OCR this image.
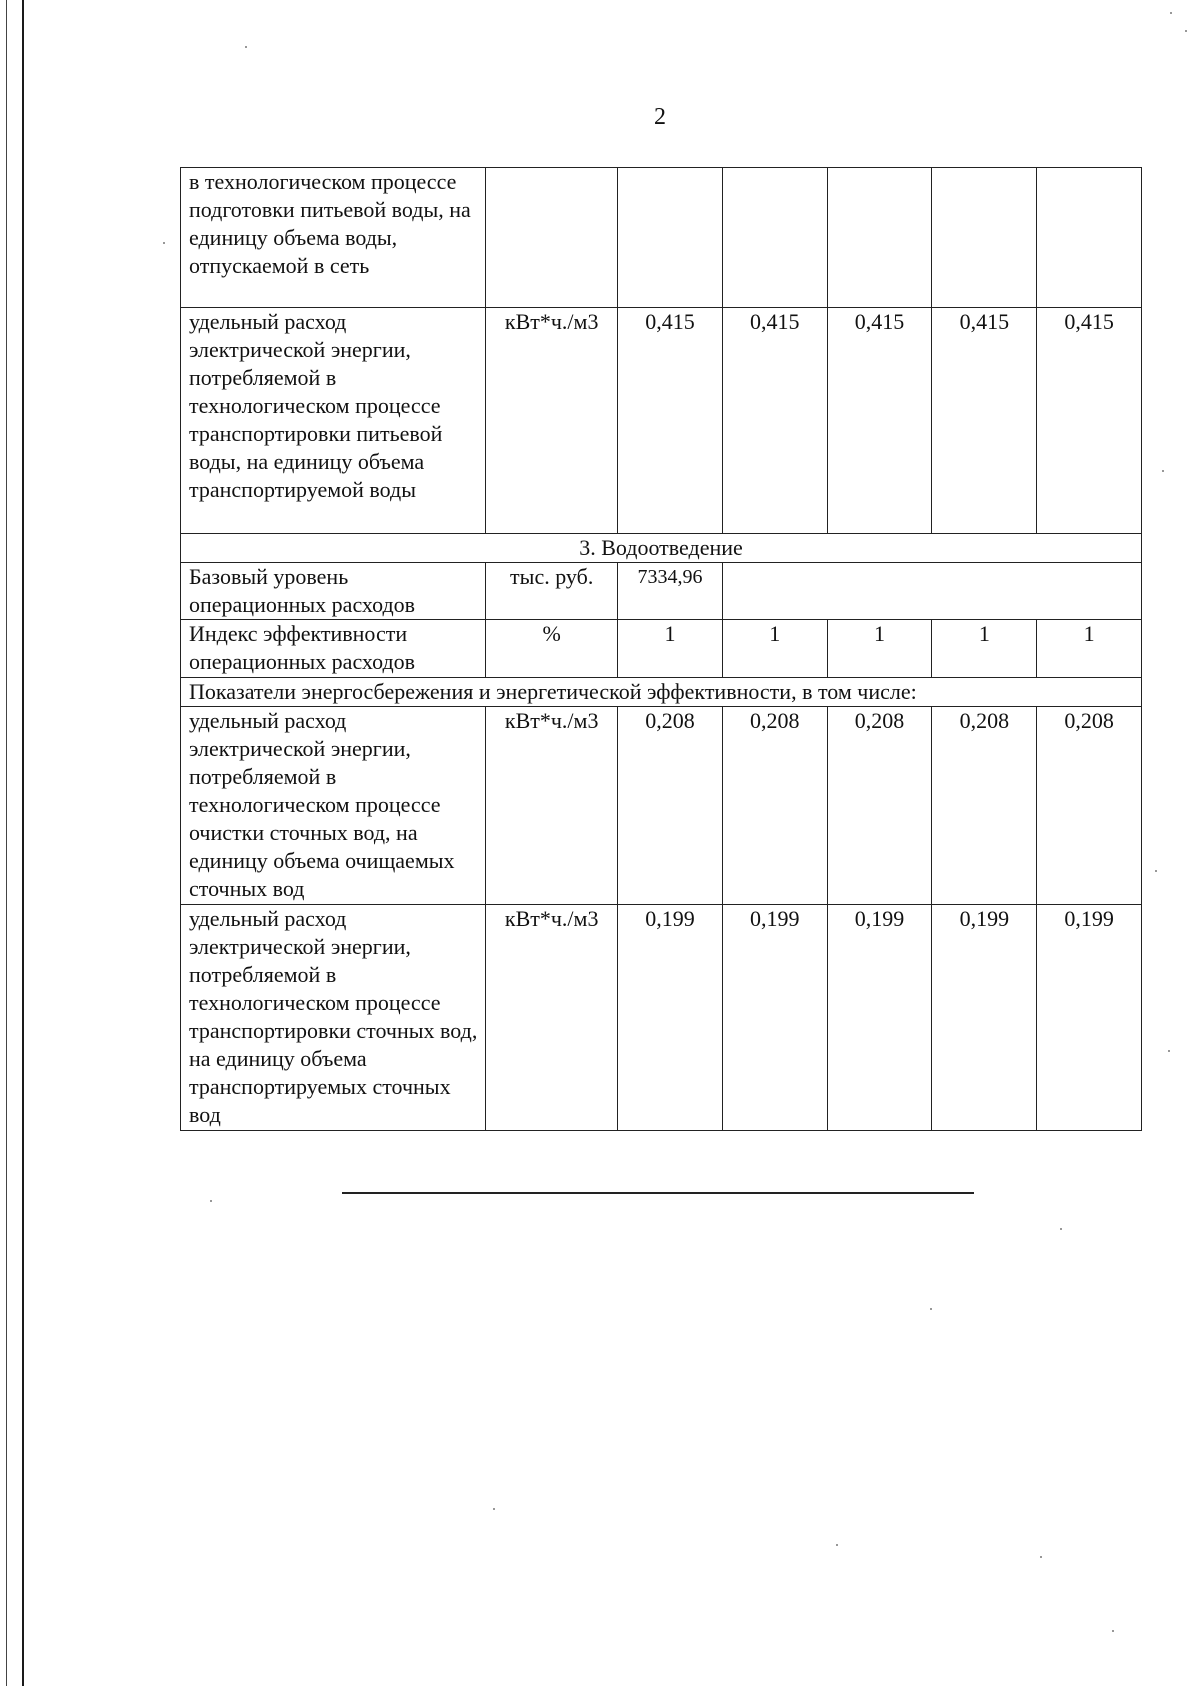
2
в технологическом процессе подготовки питьевой воды, на единицу объема воды, отпускаемой в сеть						
удельный расход электрической энергии, потребляемой в технологическом процессе транспортировки питьевой воды, на единицу объема транспортируемой воды	кВт*ч./м3	0,415	0,415	0,415	0,415	0,415
3. Водоотведение						
Базовый уровень операционных расходов	тыс. руб.	7334,96				
Индекс эффективности операционных расходов	%	1	1	1	1	1
Показатели энергосбережения и энергетической эффективности, в том числе:						
удельный расход электрической энергии, потребляемой в технологическом процессе очистки сточных вод, на единицу объема очищаемых сточных вод	кВт*ч./м3	0,208	0,208	0,208	0,208	0,208
удельный расход электрической энергии, потребляемой в технологическом процессе транспортировки сточных вод, на единицу объема транспортируемых сточных вод	кВт*ч./м3	0,199	0,199	0,199	0,199	0,199
